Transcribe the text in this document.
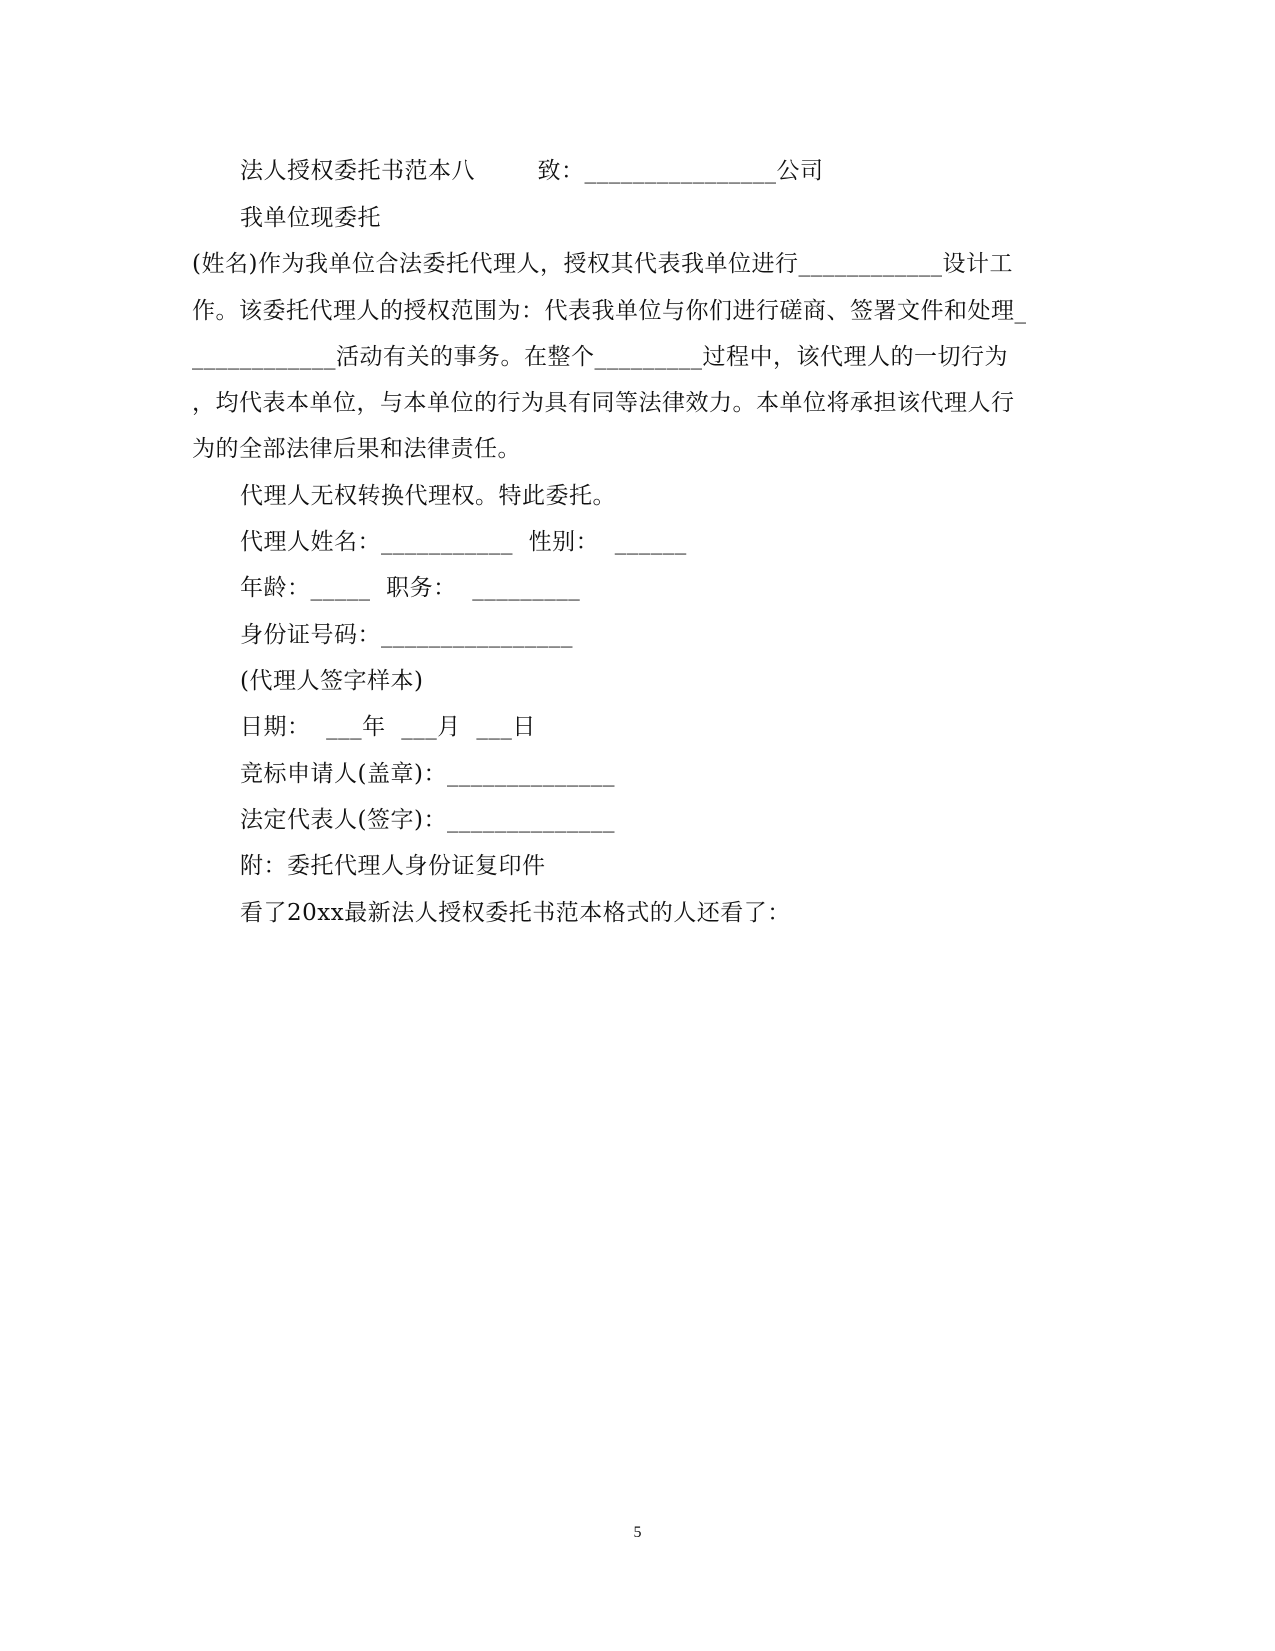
法人授权委托书范本八        致：________________公司
我单位现委托
(姓名)作为我单位合法委托代理人，授权其代表我单位进行____________设计工
作。该委托代理人的授权范围为：代表我单位与你们进行磋商、签署文件和处理_
____________活动有关的事务。在整个_________过程中，该代理人的一切行为
，均代表本单位，与本单位的行为具有同等法律效力。本单位将承担该代理人行
为的全部法律后果和法律责任。
代理人无权转换代理权。特此委托。
代理人姓名：___________  性别：  ______
年龄：_____  职务：  _________
身份证号码：________________
(代理人签字样本)
日期：  ___年  ___月  ___日
竞标申请人(盖章)：______________
法定代表人(签字)：______________
附：委托代理人身份证复印件
看了20xx最新法人授权委托书范本格式的人还看了：
5
